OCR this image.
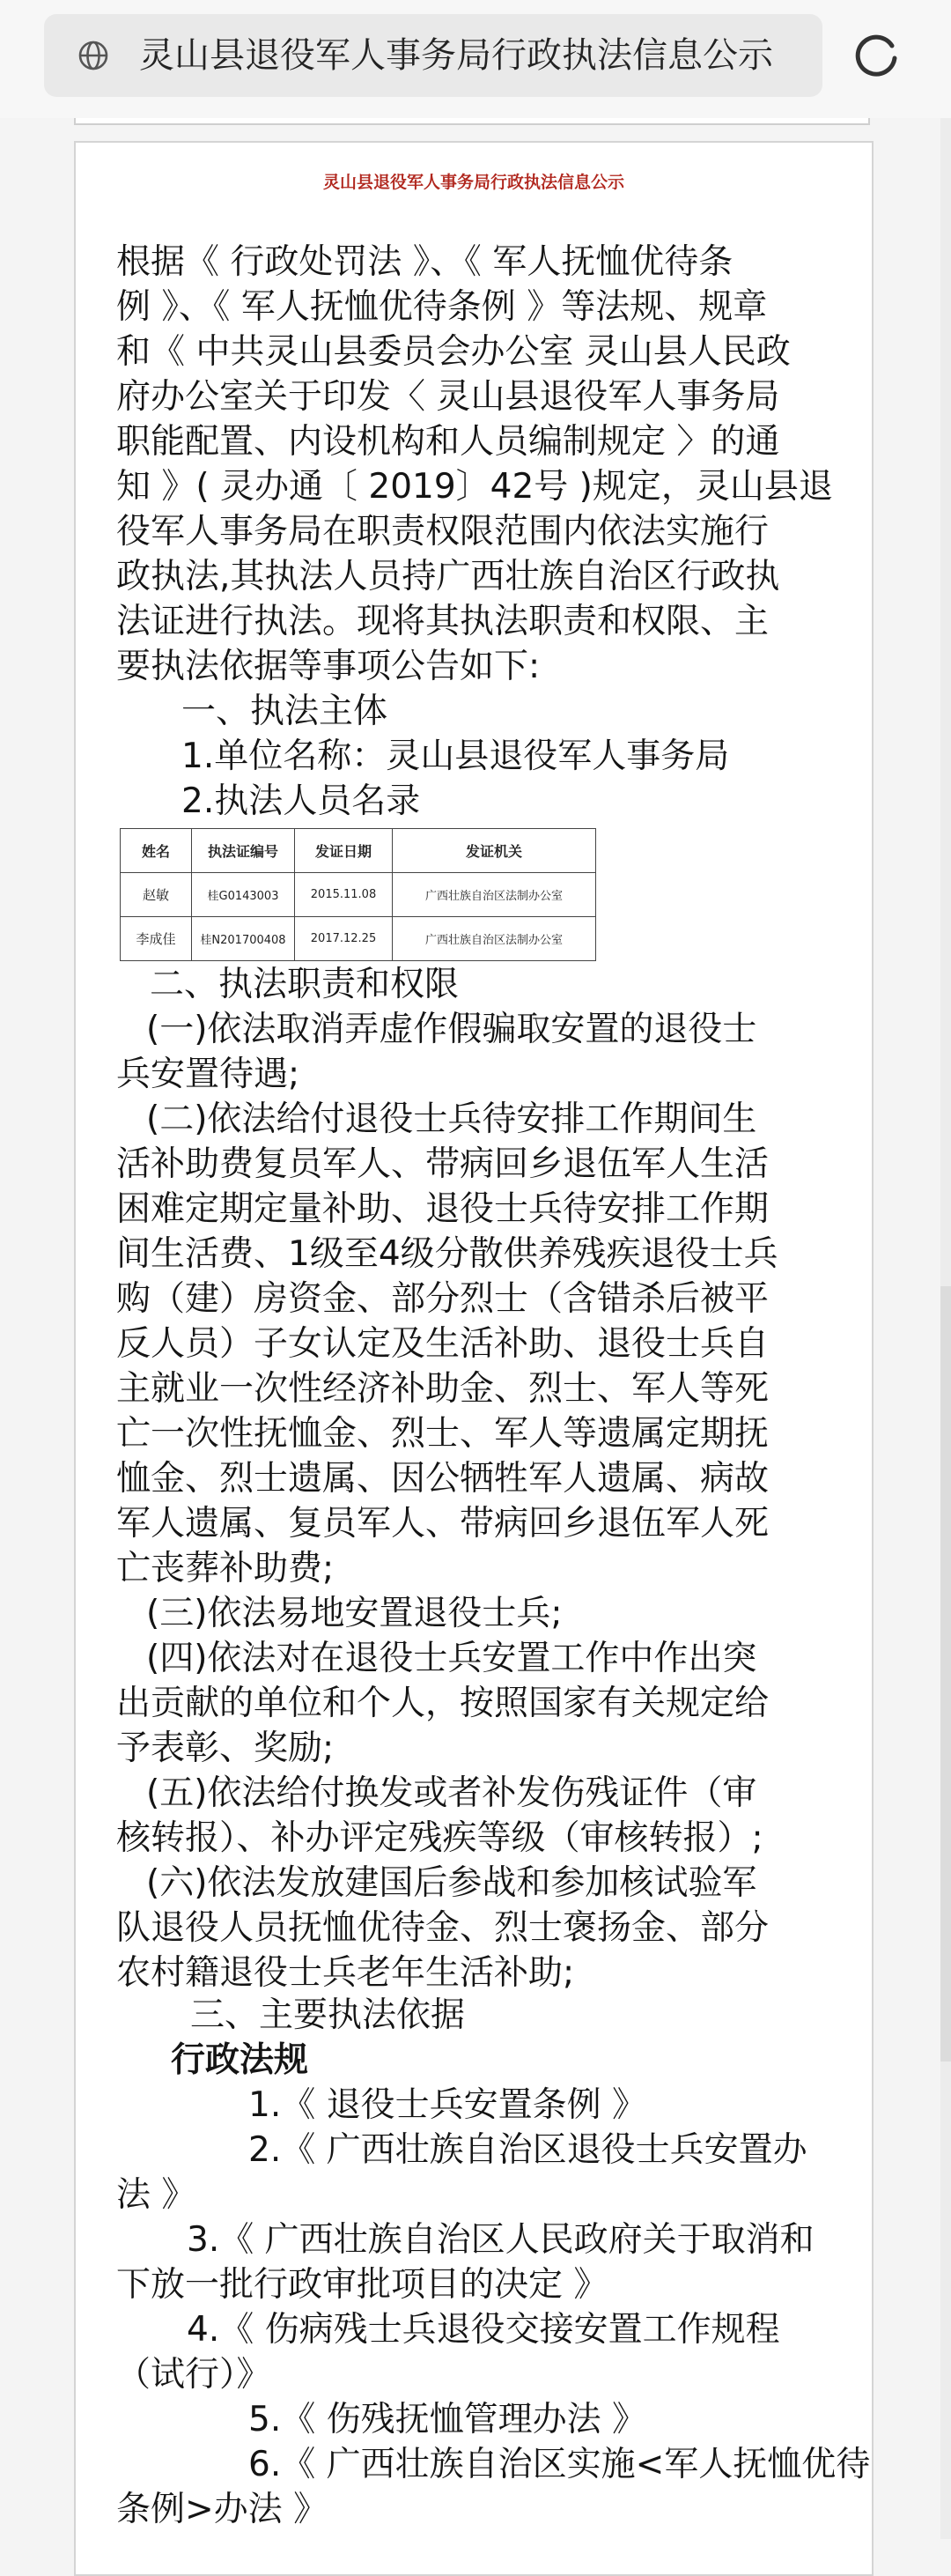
灵山县退役军人事务局行政执法信息公示
灵山县退役军人事务局行政执法信息公示
根据《 行政处罚法 》、《 军人抚恤优待条
例 》、《 军人抚恤优待条例 》等法规、规章
和《 中共灵山县委员会办公室 灵山县人民政
府办公室关于印发〈 灵山县退役军人事务局
职能配置、内设机构和人员编制规定 〉的通
知 》( 灵办通〔 2019〕42号 )规定，灵山县退
役军人事务局在职责权限范围内依法实施行
政执法,其执法人员持广西壮族自治区行政执
法证进行执法。现将其执法职责和权限、主
要执法依据等事项公告如下:
一、执法主体
1.单位名称：灵山县退役军人事务局
2.执法人员名录
姓名	执法证编号	发证日期	发证机关
赵敏	桂G0143003	2015.11.08	广西壮族自治区法制办公室
李成佳	桂N201700408	2017.12.25	广西壮族自治区法制办公室
二、执法职责和权限
(一)依法取消弄虚作假骗取安置的退役士
兵安置待遇;
(二)依法给付退役士兵待安排工作期间生
活补助费复员军人、带病回乡退伍军人生活
困难定期定量补助、退役士兵待安排工作期
间生活费、1级至4级分散供养残疾退役士兵
购（建）房资金、部分烈士（含错杀后被平
反人员）子女认定及生活补助、退役士兵自
主就业一次性经济补助金、烈士、军人等死
亡一次性抚恤金、烈士、军人等遗属定期抚
恤金、烈士遗属、因公牺牲军人遗属、病故
军人遗属、复员军人、带病回乡退伍军人死
亡丧葬补助费;
(三)依法易地安置退役士兵;
(四)依法对在退役士兵安置工作中作出突
出贡献的单位和个人，按照国家有关规定给
予表彰、奖励;
(五)依法给付换发或者补发伤残证件（审
核转报）、补办评定残疾等级（审核转报）;
(六)依法发放建国后参战和参加核试验军
队退役人员抚恤优待金、烈士褒扬金、部分
农村籍退役士兵老年生活补助;
三、主要执法依据
行政法规
1.《 退役士兵安置条例 》
2.《 广西壮族自治区退役士兵安置办
法 》
3.《 广西壮族自治区人民政府关于取消和
下放一批行政审批项目的决定 》
4.《 伤病残士兵退役交接安置工作规程
（试行）》
5.《 伤残抚恤管理办法 》
6.《 广西壮族自治区实施<军人抚恤优待
条例>办法 》
